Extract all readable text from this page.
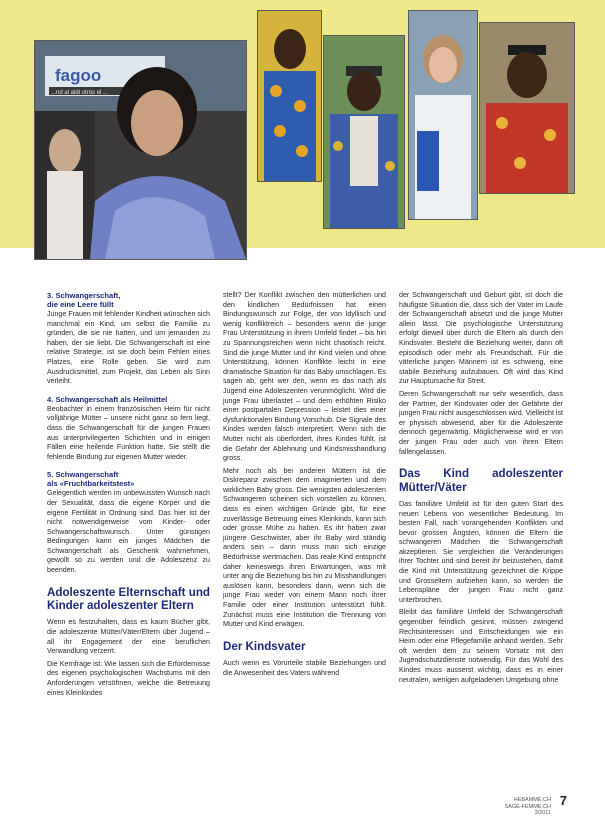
fagoo
...nd al aldi otros el ...
3. Schwangerschaft,
die eine Leere füllt

Junge Frauen mit fehlender Kindheit wünschen sich manchmal ein Kind, um selbst die Familie zu gründen, die sie nie hatten, und um jemanden zu haben, der sie liebt. Die Schwangerschaft ist eine relative Strategie, ist sie doch beim Fehlen eines Platzes, eine Rolle geben. Sie wird zum Ausdrucksmittel, zum Projekt, das Leben als Sinn verleiht.

4. Schwangerschaft als Heilmittel

Beobachter in einem französischen Heim für nicht volljährige Mütter – unsere nicht ganz so fern liegt, dass die Schwangerschaft für die jungen Frauen aus unterprivilegierten Schichten und in einigen Fällen eine heilende Funktion hatte. Sie stellt die fehlende Bindung zur eigenen Mutter wieder.

5. Schwangerschaft
als «Fruchtbarkeitstest»

Gelegentlich werden im unbewussten Wunsch nach der Sexualität, dass die eigene Körper und die eigene Fertilität in Ordnung sind. Das hier ist der nicht notwendigerweise vom Kinder- oder Schwangerschaftswunsch. Unter günstigen Bedingungen kann ein junges Mädchen die Schwangerschaft als Geschenk wahrnehmen, gewollt so zu werden und die Adoleszenz zu beenden.

Adoleszente Elternschaft und Kinder adoleszenter Eltern

Wenn es festzuhalten, dass es kaum Bücher gibt, die adoleszente Mütter/Väter/Eltern über Jugend – all ihr Engagement der eine beruflichen Verwandlung verzerrt.

Die Kernfrage ist: Wie lassen sich die Erfordernisse des eigenen psychologischen Wachstums mit den Anforderungen versöhnen, welche die Betreuung eines Kleinkindes

stellt? Der Konflikt zwischen den mütterlichen und den kindlichen Bedürfnissen hat einen Bindungswunsch zur Folge, der von Idyllisch und wenig konfliktreich – besonders wenn die junge Frau Unterstützung in ihrem Umfeld findet – bis hin zu Spannungsreichen wenn nicht chaotisch reicht. Sind die junge Mutter und ihr Kind vielen und ohne Unterstützung, können Konflikte leicht in eine dramatische Situation für das Baby umschlagen. Es sagen ab, geht wer den, wenn es das nach als Jugend eine Adoleszenten verunmöglicht. Wird die junge Frau überlastet – und dem erhöhten Risiko einer postpartalen Depression – leistet dies einer dysfunktionalen Bindung Vorschub. Die Signale des Kindes werden falsch interpretiert. Wenn sich die Mutter nicht als überfordert, ihres Kindes fühlt, ist die Gefahr der Ablehnung und Kindsmisshandlung gross.

Mehr noch als bei anderen Müttern ist die Diskrepanz zwischen dem imaginierten und dem wirklichen Baby gross. Die wenigsten adoleszenten Schwangeren scheinen sich vorstellen zu können, dass es einen wichtigen Gründe gibt, für eine zuverlässige Betreuung eines Kleinkinds, kann sich oder grosse Mühe zu haben. Es ihr haben zwar jüngere Geschwister, aber ihr Baby wird ständig anders sein – dann muss man sich einzige Bedürfnisse wertmachen. Das reale Kind entspricht daher keineswegs ihren Erwartungen, was mit unter ang die Beziehung bis hin zu Misshandlungen auslösen kann, besonders dann, wenn sich die junge Frau weder von einem Mann noch ihrer Familie oder einer Institution unterstützt fühlt. Zunächst muss eine Institution die Trennung von Mutter und Kind erwägen.

Der Kindsvater

Auch wenn es Vorurteile stabile Beziehungen und die Anwesenheit des Vaters während

der Schwangerschaft und Geburt gibt, ist doch die häufigste Situation die, dass sich der Vater im Laufe der Schwangerschaft absetzt und die junge Mutter allein lässt. Die psychologische Unterstützung erfolgt dieweil über durch die Eltern als durch den Kindsvater. Besteht die Beziehung weiter, dann oft episodisch oder mehr als Freundschaft. Für die väterliche jungen Männern ist es schwierig, eine stabile Beziehung aufzubauen. Oft wird das Kind zur Hauptursache für Streit.

Deren Schwangerschaft nur sehr wesentlich, dass der Partner, der Kindsvater oder der Gefährte der jungen Frau nicht ausgeschlossen wird. Vielleicht ist er physisch abwesend, aber für die Adoleszente dennoch gegenwärtig. Möglicherweise wird er von der jungen Frau oder auch von ihren Eltern fallengelassen.

Das Kind adoleszenter Mütter/Väter

Das familiäre Umfeld ist für den guten Start des neuen Lebens von wesentlicher Bedeutung. Im besten Fall, nach vorangehenden Konflikten und bevor grossen Ängsten, können die Eltern die schwangeren Mädchen die Schwangerschaft akzeptieren. Sie vergleichen die Veränderungen ihrer Tochter und sind bereit ihr beizustehen, damit die Kind mit Unterstützung gezeichnet die Krippe und Grosseltern aufziehen kann, so werden die Lebenspläne der jungen Frau nicht ganz unterbrochen.

Bleibt das familiäre Umfeld der Schwangerschaft gegenüber feindlich gesinnt, müssen zwingend Rechtsinteressen und Entscheidungen wie ein Heim oder eine Pflegefamilie anhand werden. Sehr oft werden dem zu seinem Vorsatz mit den Jugendschutzdienste notwendig. Für das Wohl des Kindes muss ausserst wichtig, dass es in einer neutralen, wenigen aufgeladenen Umgebung ohne

HEBAMME.CH
SAGE-FEMME.CH 3/2011
7
